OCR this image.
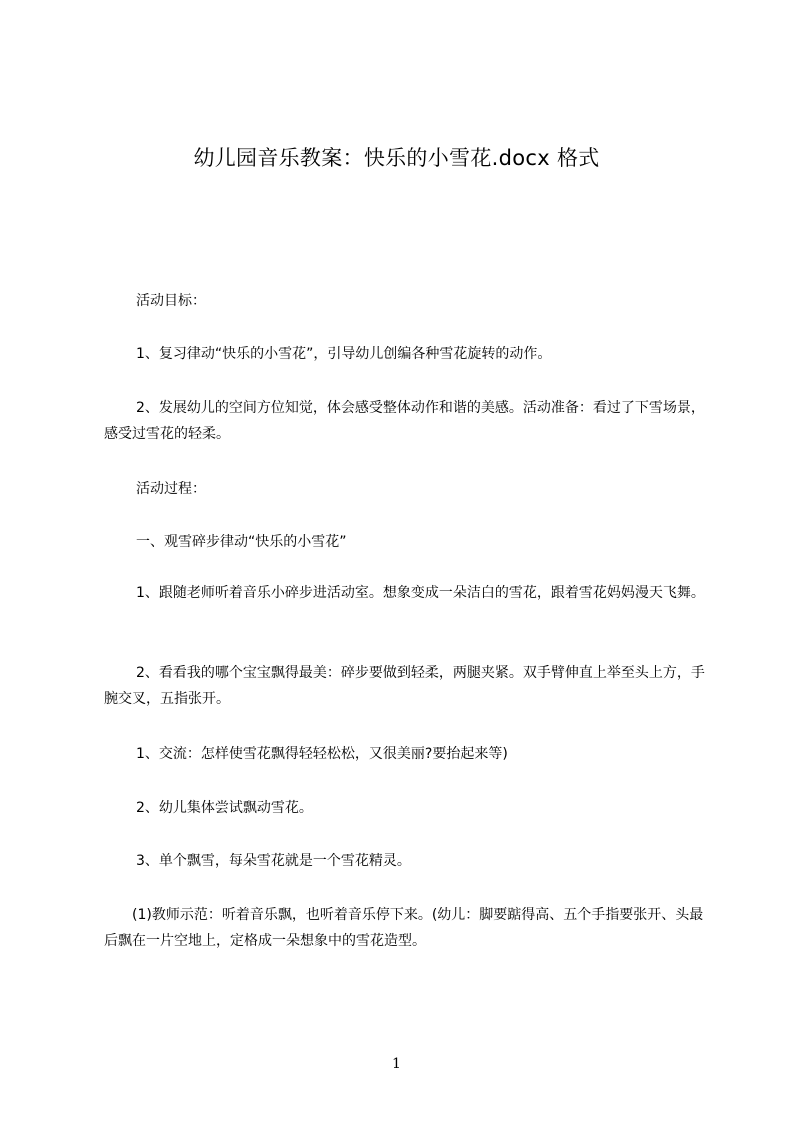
幼儿园音乐教案：快乐的小雪花.docx 格式

活动目标：

1、复习律动“快乐的小雪花”，引导幼儿创编各种雪花旋转的动作。

2、发展幼儿的空间方位知觉，体会感受整体动作和谐的美感。活动准备：看过了下雪场景，感受过雪花的轻柔。

活动过程：

一、观雪碎步律动“快乐的小雪花”

1、跟随老师听着音乐小碎步进活动室。想象变成一朵洁白的雪花，跟着雪花妈妈漫天飞舞。

2、看看我的哪个宝宝飘得最美：碎步要做到轻柔，两腿夹紧。双手臂伸直上举至头上方，手腕交叉，五指张开。

1、交流：怎样使雪花飘得轻轻松松，又很美丽?要抬起来等)

2、幼儿集体尝试飘动雪花。

3、单个飘雪，每朵雪花就是一个雪花精灵。

(1)教师示范：听着音乐飘，也听着音乐停下来。(幼儿：脚要踮得高、五个手指要张开、头最后飘在一片空地上，定格成一朵想象中的雪花造型。

1
